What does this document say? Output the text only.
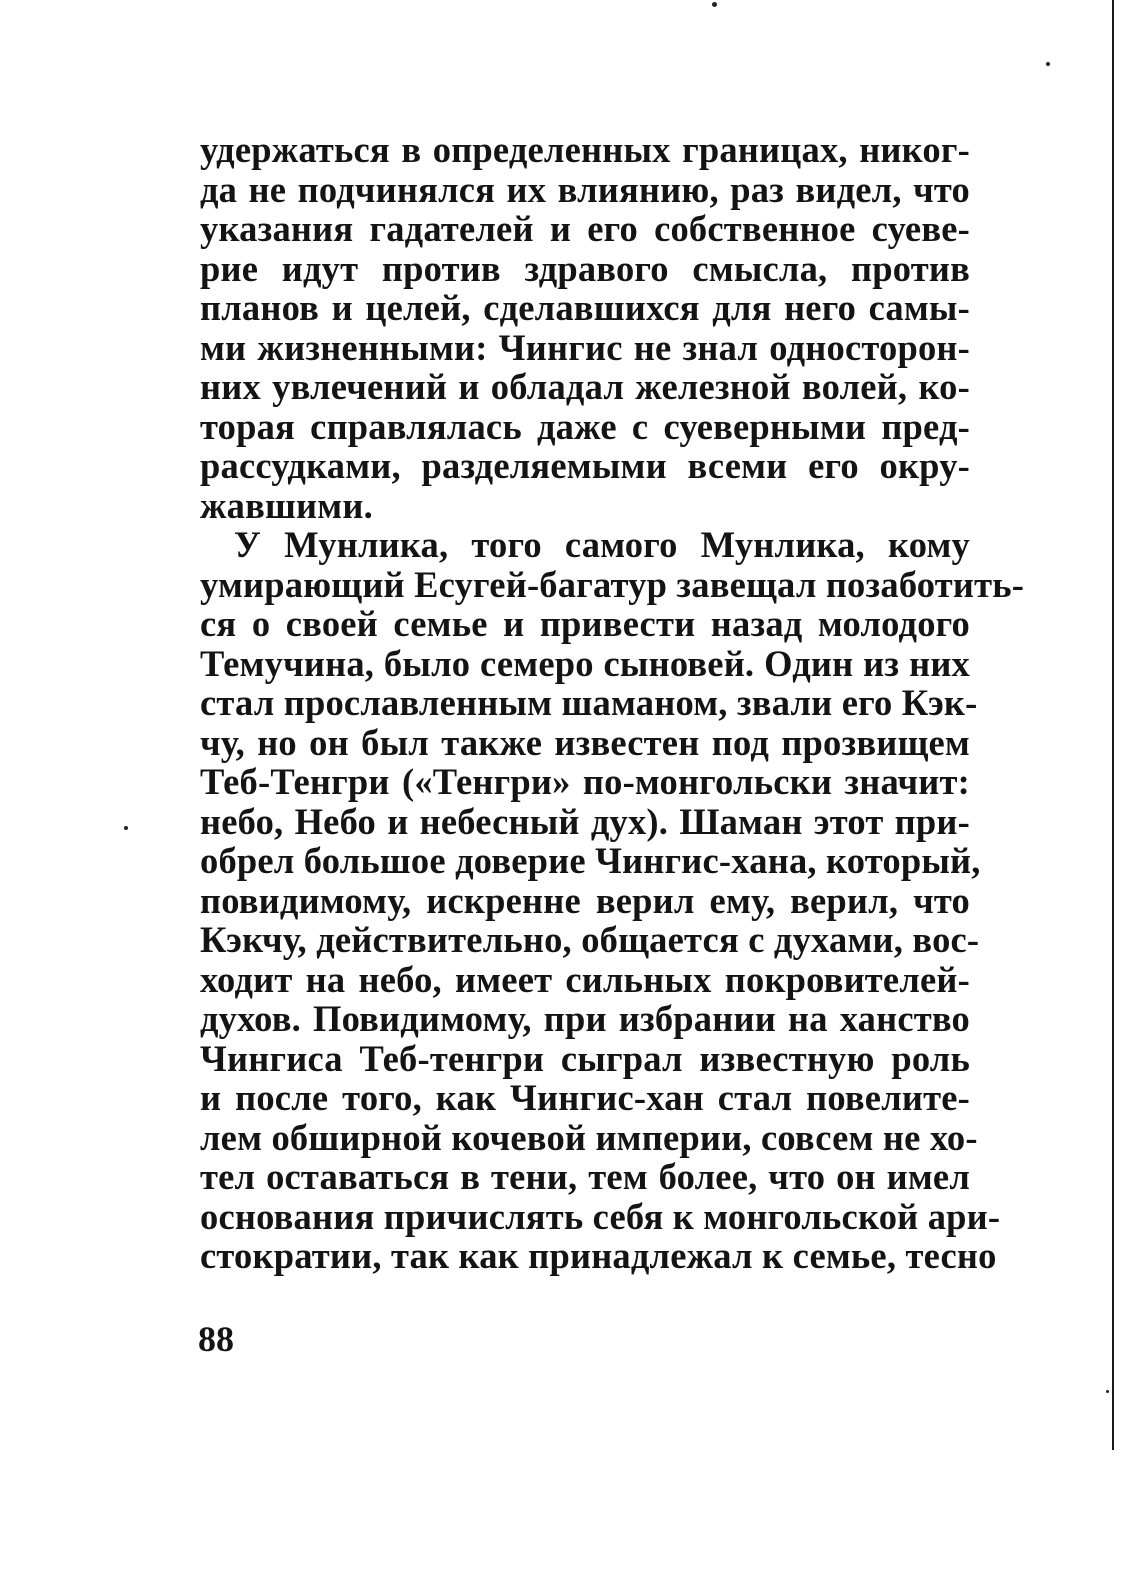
удержаться в определенных границах, никог-
да не подчинялся их влиянию, раз видел, что
указания гадателей и его собственное суеве-
рие идут против здравого смысла, против
планов и целей, сделавшихся для него самы-
ми жизненными: Чингис не знал односторон-
них увлечений и обладал железной волей, ко-
торая справлялась даже с суеверными пред-
рассудками, разделяемыми всеми его окру-
жавшими.
У Мунлика, того самого Мунлика, кому
умирающий Есугей-багатур завещал позаботить-
ся о своей семье и привести назад молодого
Темучина, было семеро сыновей. Один из них
стал прославленным шаманом, звали его Кэк-
чу, но он был также известен под прозвищем
Теб-Тенгри («Тенгри» по-монгольски значит:
небо, Небо и небесный дух). Шаман этот при-
обрел большое доверие Чингис-хана, который,
повидимому, искренне верил ему, верил, что
Кэкчу, действительно, общается с духами, вос-
ходит на небо, имеет сильных покровителей-
духов. Повидимому, при избрании на ханство
Чингиса Теб-тенгри сыграл известную роль
и после того, как Чингис-хан стал повелите-
лем обширной кочевой империи, совсем не хо-
тел оставаться в тени, тем более, что он имел
основания причислять себя к монгольской ари-
стократии, так как принадлежал к семье, тесно
88
